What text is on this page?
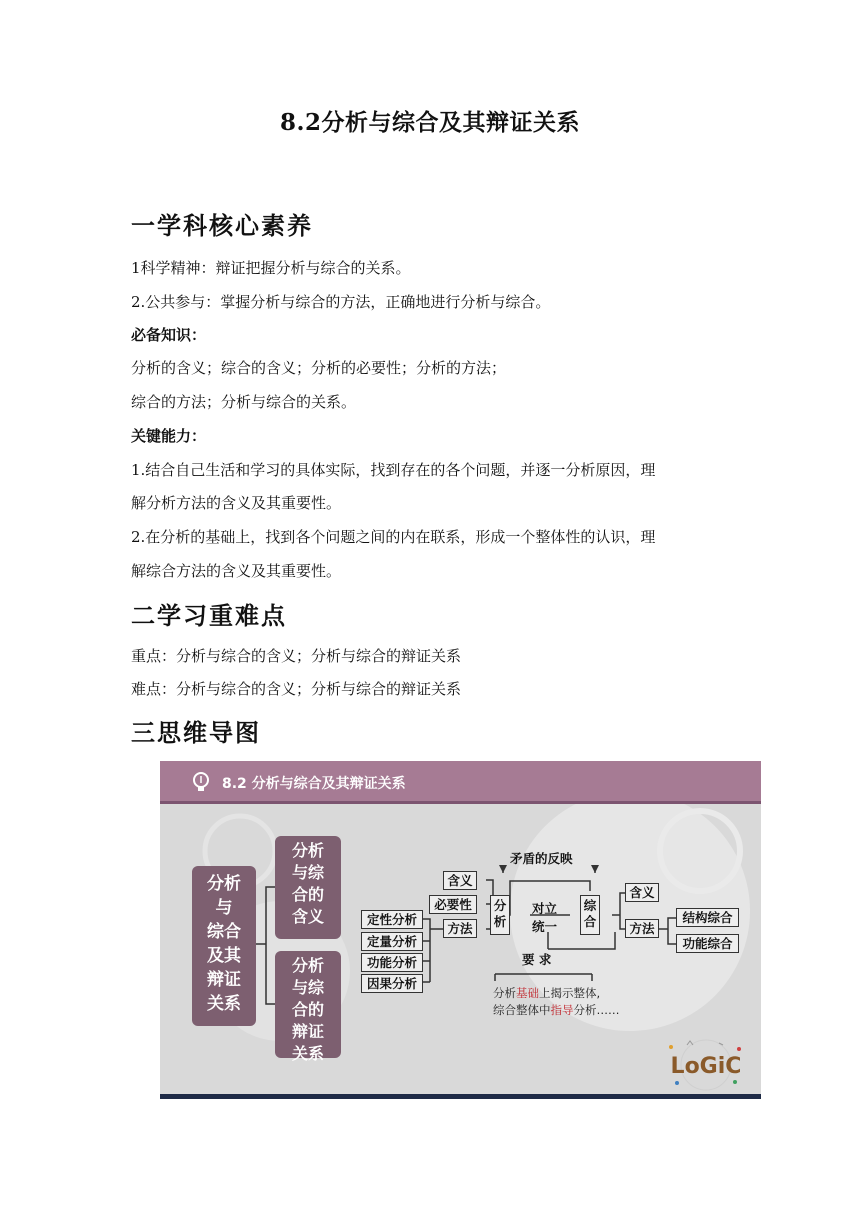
8.2分析与综合及其辩证关系
一学科核心素养
1科学精神：辩证把握分析与综合的关系。
2.公共参与：掌握分析与综合的方法，正确地进行分析与综合。
必备知识：
分析的含义；综合的含义；分析的必要性；分析的方法；
综合的方法；分析与综合的关系。
关键能力：
1.结合自己生活和学习的具体实际，找到存在的各个问题，并逐一分析原因，理
解分析方法的含义及其重要性。
2.在分析的基础上，找到各个问题之间的内在联系，形成一个整体性的认识，理
解综合方法的含义及其重要性。
二学习重难点
重点：分析与综合的含义；分析与综合的辩证关系
难点：分析与综合的含义；分析与综合的辩证关系
三思维导图
8.2 分析与综合及其辩证关系
分析
与
综合
及其
辩证
关系
分析
与综
合的
含义
分析
与综
合的
辩证
关系
定性分析
定量分析
功能分析
因果分析
含义
必要性
方法
分析
综合
矛盾的反映
对立
统一
含义
方法
结构综合
功能综合
要 求
分析基础上揭示整体,
综合整体中指导分析……
LoGiC
